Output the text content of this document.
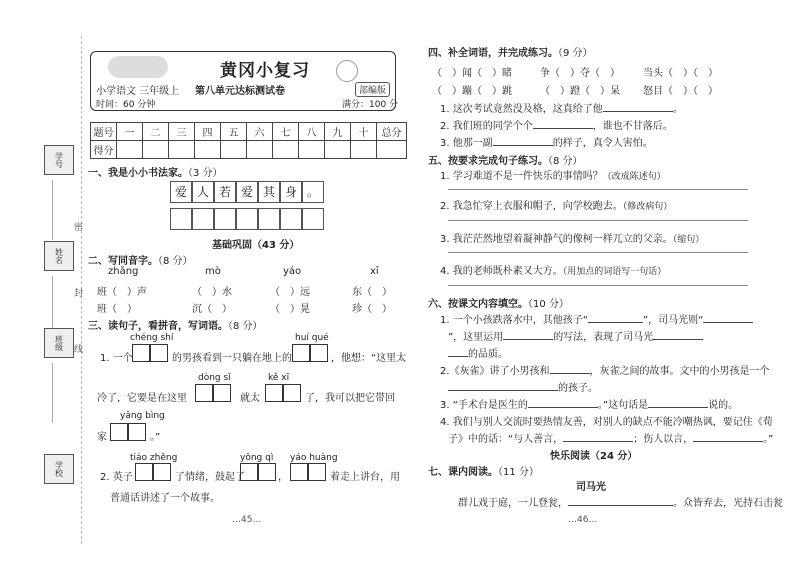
学号
姓名
班级
学校
密
封
线
黄冈小复习
小学语文 三年级上 第八单元达标测试卷	部编版
时间：60 分钟	满分：100 分
题号	一	二	三	四	五	六	七	八	九	十	总分
得分											
一、我是小小书法家。（3 分）
爱 人 若 爱 其 身 。
基础巩固（43 分）
二、写同音字。（8 分）
zhǎng	mò	yáo	xī
班（　）声	（　）水	（　）远	东（　）
班（　）	沉（　）	（　）晃	珍（　）
三、读句子，看拼音，写词语。（8 分）
chéng shí	huí qué
1. 一个	的男孩看到一只躺在地上的	，他想：“这里太
dòng sǐ	kě xī
冷了，它要是在这里	就太	了，我可以把它带回
yǎng bìng
家	。”
tiáo zhěng	yǒng qì yáo huàng
2. 英子	了情绪，鼓起了	，	着走上讲台，用
普通话讲述了一个故事。
…45…
四、补全词语，并完成练习。（9 分）
（　）闻（　）睹	争（　）夺（　） 当头（　）（　）
（　）蹦（　）跳	（　）蹬（　）呆 怒目（　）（　）
1. 这次考试竟然没及格，这真给了他	。
2. 我们班的同学个个	，谁也不甘落后。
3. 他那一副	的样子，真令人害怕。
五、按要求完成句子练习。（8 分）
1. 学习难道不是一件快乐的事情吗？（改成陈述句）
2. 我急忙穿上衣服和帽子，向学校跑去。（修改病句）
3. 我茫茫然地望着凝神静气的像柯一样兀立的父亲。（缩句）
4. 我的老师既朴素又大方。（用加点的词语写一句话）
六、按课文内容填空。（10 分）
1. 一个小孩跌落水中，其他孩子“	”，司马光则“
”，这里运用	的写法，表现了司马光
的品质。
2.《灰雀》讲了小男孩和	，灰雀之间的故事。文中的小男孩是一个
的孩子。
3. “手术台是医生的	。”这句话是	说的。
4. 我们与别人交流时要热情友善，对别人的缺点不能冷嘲热讽，要记住《荀
子》中的话：“与人善言，	；伤人以言，	。”
快乐阅读（24 分）
七、课内阅读。（11 分）
司马光
群儿戏于庭，一儿登瓮，	。众皆弃去，光持石击瓮
…46…
